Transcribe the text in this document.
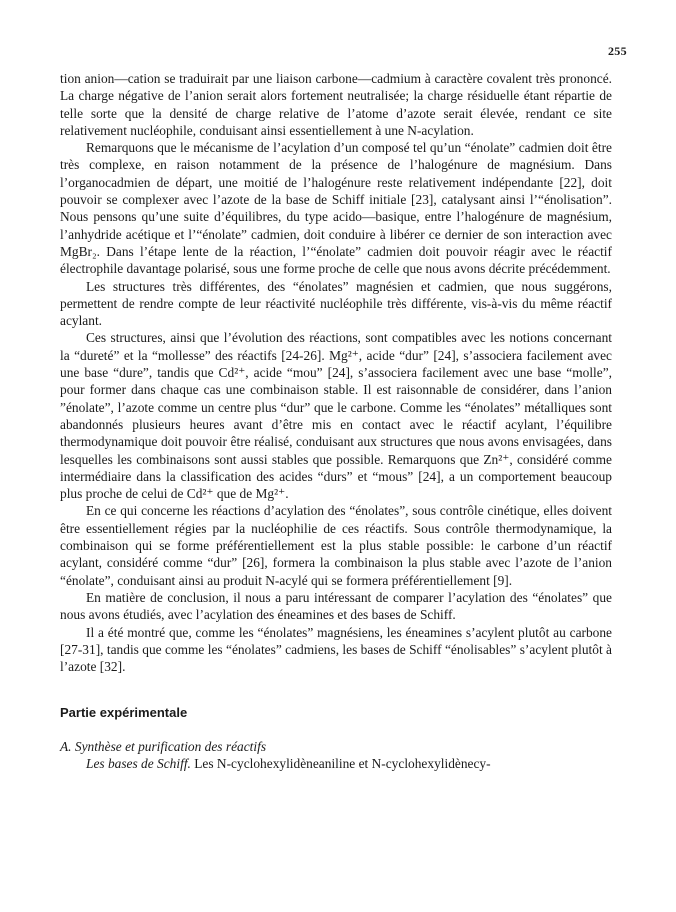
255

tion anion—cation se traduirait par une liaison carbone—cadmium à caractère covalent très prononcé. La charge négative de l’anion serait alors fortement neutralisée; la charge résiduelle étant répartie de telle sorte que la densité de charge relative de l’atome d’azote serait élevée, rendant ce site relativement nucléophile, conduisant ainsi essentiellement à une N-acylation.

Remarquons que le mécanisme de l’acylation d’un composé tel qu’un “énolate” cadmien doit être très complexe, en raison notamment de la présence de l’halogénure de magnésium. Dans l’organocadmien de départ, une moitié de l’halogénure reste relativement indépendante [22], doit pouvoir se complexer avec l’azote de la base de Schiff initiale [23], catalysant ainsi l’“énolisation”. Nous pensons qu’une suite d’équilibres, du type acido—basique, entre l’halogénure de magnésium, l’anhydride acétique et l’“énolate” cadmien, doit conduire à libérer ce dernier de son interaction avec MgBr₂. Dans l’étape lente de la réaction, l’“énolate” cadmien doit pouvoir réagir avec le réactif électrophile davantage polarisé, sous une forme proche de celle que nous avons décrite précédemment.

Les structures très différentes, des “énolates” magnésien et cadmien, que nous suggérons, permettent de rendre compte de leur réactivité nucléophile très différente, vis-à-vis du même réactif acylant.

Ces structures, ainsi que l’évolution des réactions, sont compatibles avec les notions concernant la “dureté” et la “mollesse” des réactifs [24-26]. Mg²⁺, acide “dur” [24], s’associera facilement avec une base “dure”, tandis que Cd²⁺, acide “mou” [24], s’associera facilement avec une base “molle”, pour former dans chaque cas une combinaison stable. Il est raisonnable de considérer, dans l’anion ”énolate”, l’azote comme un centre plus “dur” que le carbone. Comme les “énolates” métalliques sont abandonnés plusieurs heures avant d’être mis en contact avec le réactif acylant, l’équilibre thermodynamique doit pouvoir être réalisé, conduisant aux structures que nous avons envisagées, dans lesquelles les combinaisons sont aussi stables que possible. Remarquons que Zn²⁺, considéré comme intermédiaire dans la classification des acides “durs” et “mous” [24], a un comportement beaucoup plus proche de celui de Cd²⁺ que de Mg²⁺.

En ce qui concerne les réactions d’acylation des “énolates”, sous contrôle cinétique, elles doivent être essentiellement régies par la nucléophilie de ces réactifs. Sous contrôle thermodynamique, la combinaison qui se forme préférentiellement est la plus stable possible: le carbone d’un réactif acylant, considéré comme “dur” [26], formera la combinaison la plus stable avec l’azote de l’anion “énolate”, conduisant ainsi au produit N-acylé qui se formera préférentiellement [9].

En matière de conclusion, il nous a paru intéressant de comparer l’acylation des “énolates” que nous avons étudiés, avec l’acylation des éneamines et des bases de Schiff.

Il a été montré que, comme les “énolates” magnésiens, les éneamines s’acylent plutôt au carbone [27-31], tandis que comme les “énolates” cadmiens, les bases de Schiff “énolisables” s’acylent plutôt à l’azote [32].

Partie expérimentale
A. Synthèse et purification des réactifs

Les bases de Schiff. Les N-cyclohexylidèneaniline et N-cyclohexylidènecy-
